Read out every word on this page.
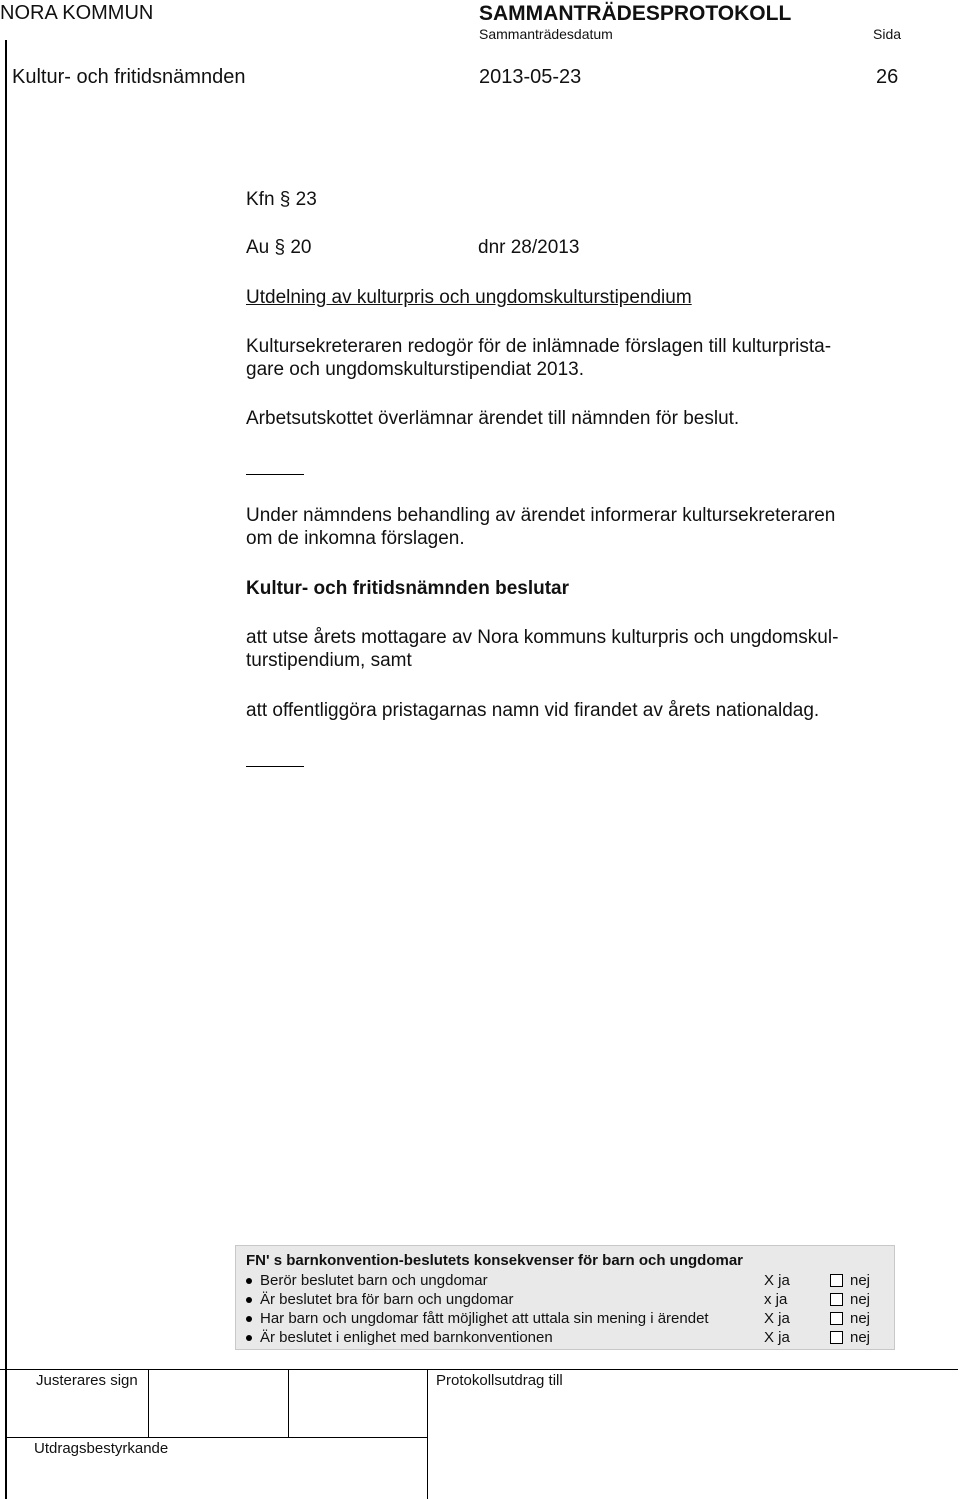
NORA KOMMUN	SAMMANTRÄDESPROTOKOLL
Sammanträdesdatum	Sida
Kultur- och fritidsnämnden	2013-05-23	26
Kfn § 23
Au § 20	dnr 28/2013
Utdelning av kulturpris och ungdomskulturstipendium
Kultursekreteraren redogör för de inlämnade förslagen till kulturprista-
gare och ungdomskulturstipendiat 2013.
Arbetsutskottet överlämnar ärendet till nämnden för beslut.
Under nämndens behandling av ärendet informerar kultursekreteraren
om de inkomna förslagen.
Kultur- och fritidsnämnden beslutar
att utse årets mottagare av Nora kommuns kulturpris och ungdomskul-
turstipendium, samt
att offentliggöra pristagarnas namn vid firandet av årets nationaldag.
FN' s barnkonvention-beslutets konsekvenser för barn och ungdomar
Berör beslutet barn och ungdomar	X ja	nej
Är beslutet bra för barn och ungdomar	x ja	nej
Har barn och ungdomar fått möjlighet att uttala sin mening i ärendet	X ja	nej
Är beslutet i enlighet med barnkonventionen	X ja	nej
Justerares sign	Protokollsutdrag till
Utdragsbestyrkande
